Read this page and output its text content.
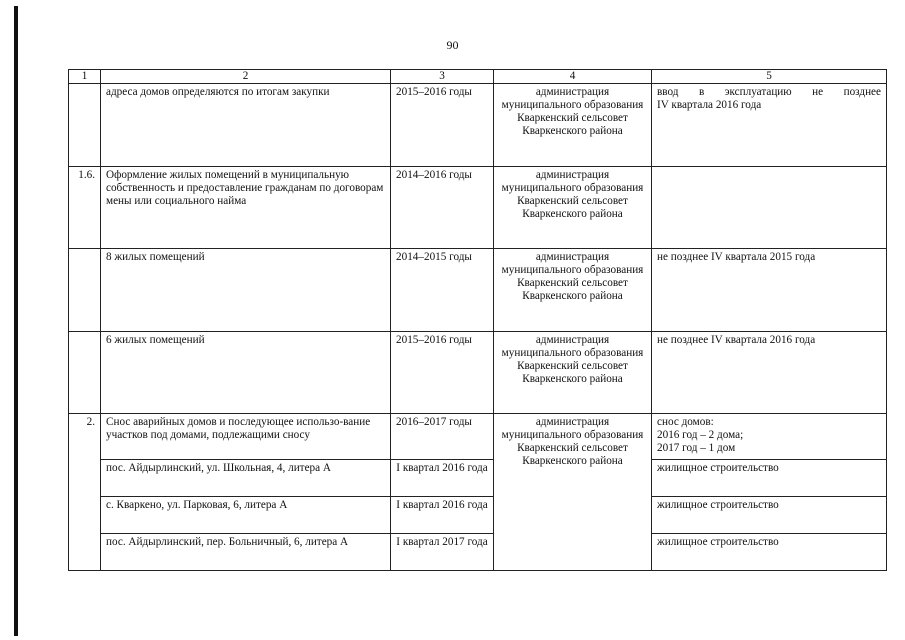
90
1	2	3	4	5
	адреса домов определяются по итогам закупки	2015–2016 годы	администрация муниципального образования Кваркенский сельсовет Кваркенского района	ввод в эксплуатацию не позднее
IV квартала 2016 года

1.6.	Оформление жилых помещений в муниципальную собственность и предоставление гражданам по договорам мены или социального найма	2014–2016 годы	администрация муниципального образования Кваркенский сельсовет Кваркенского района	
	8 жилых помещений	2014–2015 годы	администрация муниципального образования Кваркенский сельсовет Кваркенского района	не позднее IV квартала 2015 года
	6 жилых помещений	2015–2016 годы	администрация муниципального образования Кваркенский сельсовет Кваркенского района	не позднее IV квартала 2016 года
2.	Снос аварийных домов и последующее использо-вание участков под домами, подлежащими сносу	2016–2017 годы	администрация муниципального образования Кваркенский сельсовет Кваркенского района	снос домов:
2016 год – 2 дома;
2017 год – 1 дом

	пос. Айдырлинский, ул. Школьная, 4, литера А	I квартал 2016 года		жилищное строительство
	с. Кваркено, ул. Парковая, 6, литера А	I квартал 2016 года		жилищное строительство
	пос. Айдырлинский, пер. Больничный, 6, литера А	I квартал 2017 года		жилищное строительство
